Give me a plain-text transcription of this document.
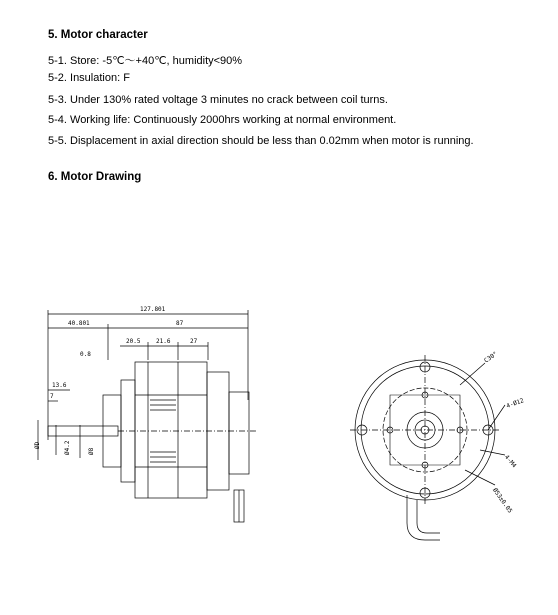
5. Motor character
5-1. Store: -5℃～+40℃, humidity<90%
5-2. Insulation: F
5-3. Under 130% rated voltage 3 minutes no crack between coil turns.
5-4. Working life: Continuously 2000hrs working at normal environment.
5-5. Displacement in axial direction should be less than 0.02mm when motor is running.
6. Motor Drawing
127.801
40.801	87
20.5	21.6	27
0.8
13.6
7
ØD	Ø4.2	Ø8
C30°
4-Ø12
4-M4
Ø53±0.05
